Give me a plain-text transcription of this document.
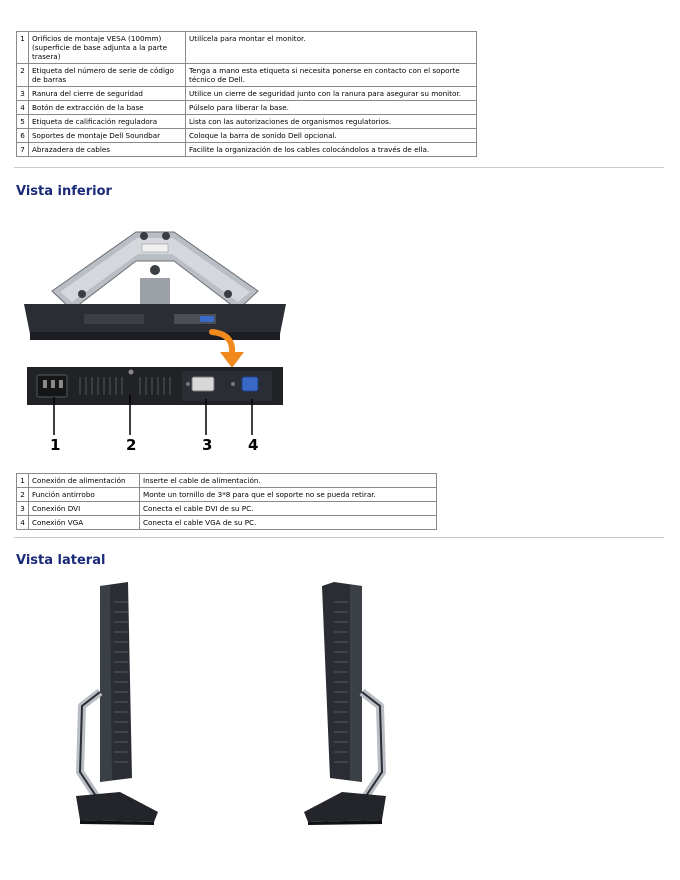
1	Orificios de montaje VESA (100mm) (superficie de base adjunta a la parte trasera)	Utilícela para montar el monitor.
2	Etiqueta del número de serie de código de barras	Tenga a mano esta etiqueta si necesita ponerse en contacto con el soporte técnico de Dell.
3	Ranura del cierre de seguridad	Utilice un cierre de seguridad junto con la ranura para asegurar su monitor.
4	Botón de extracción de la base	Púlselo para liberar la base.
5	Etiqueta de calificación reguladora	Lista con las autorizaciones de organismos regulatorios.
6	Soportes de montaje Dell Soundbar	Coloque la barra de sonido Dell opcional.
7	Abrazadera de cables	Facilite la organización de los cables colocándolos a través de ella.
Vista inferior
1	2	3 4
1	Conexión de alimentación	Inserte el cable de alimentación.
2	Función antirrobo	Monte un tornillo de 3*8 para que el soporte no se pueda retirar.
3	Conexión DVI	Conecta el cable DVI de su PC.
4	Conexión VGA	Conecta el cable VGA de su PC.
Vista lateral
